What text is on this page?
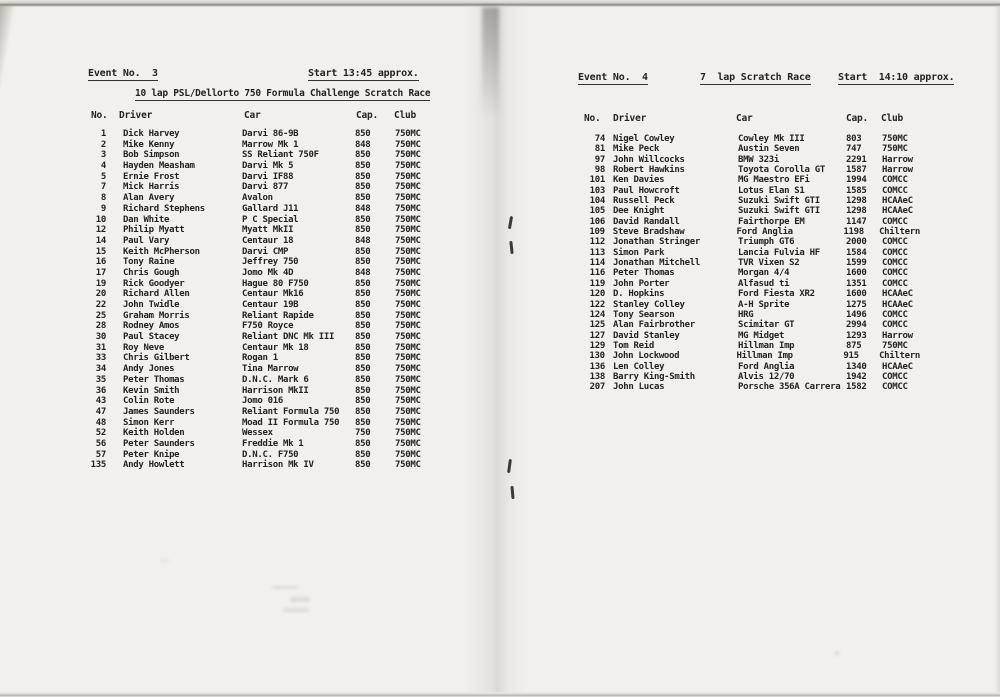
Event No.  3	Start 13:45 approx.
10 lap PSL/Dellorto 750 Formula Challenge Scratch Race
No. Driver	Car	Cap. Club
1 Dick Harvey	Darvi 86-9B	850	750MC
2 Mike Kenny	Marrow Mk 1	848	750MC
3 Bob Simpson	SS Reliant 750F	850	750MC
4 Hayden Measham	Darvi Mk 5	850	750MC
5 Ernie Frost	Darvi IF88	850	750MC
7 Mick Harris	Darvi 877	850	750MC
8 Alan Avery	Avalon	850	750MC
9 Richard Stephens	Gallard J11	848	750MC
10 Dan White	P C Special	850	750MC
12 Philip Myatt	Myatt MkII	850	750MC
14 Paul Vary	Centaur 18	848	750MC
15 Keith McPherson	Darvi CMP	850	750MC
16 Tony Raine	Jeffrey 750	850	750MC
17 Chris Gough	Jomo Mk 4D	848	750MC
19 Rick Goodyer	Hague 80 F750	850	750MC
20 Richard Allen	Centaur Mk16	850	750MC
22 John Twidle	Centaur 19B	850	750MC
25 Graham Morris	Reliant Rapide	850	750MC
28 Rodney Amos	F750 Royce	850	750MC
30 Paul Stacey	Reliant DNC Mk III	850	750MC
31 Roy Neve	Centaur Mk 18	850	750MC
33 Chris Gilbert	Rogan 1	850	750MC
34 Andy Jones	Tina Marrow	850	750MC
35 Peter Thomas	D.N.C. Mark 6	850	750MC
36 Kevin Smith	Harrison MkII	850	750MC
43 Colin Rote	Jomo 016	850	750MC
47 James Saunders	Reliant Formula 750	850	750MC
48 Simon Kerr	Moad II Formula 750	850	750MC
52 Keith Holden	Wessex	750	750MC
56 Peter Saunders	Freddie Mk 1	850	750MC
57 Peter Knipe	D.N.C. F750	850	750MC
135 Andy Howlett	Harrison Mk IV	850	750MC
Event No.  4	7  lap Scratch Race	Start  14:10 approx.
No. Driver	Car	Cap. Club
74 Nigel Cowley	Cowley Mk III	803	750MC
81 Mike Peck	Austin Seven	747	750MC
97 John Willcocks	BMW 323i	2291	Harrow
98 Robert Hawkins	Toyota Corolla GT	1587	Harrow
101 Ken Davies	MG Maestro EFi	1994	COMCC
103 Paul Howcroft	Lotus Elan S1	1585	COMCC
104 Russell Peck	Suzuki Swift GTI	1298	HCAAeC
105 Dee Knight	Suzuki Swift GTI	1298	HCAAeC
106 David Randall	Fairthorpe EM	1147	COMCC
109 Steve Bradshaw	Ford Anglia	1198	Chiltern
112 Jonathan Stringer	Triumph GT6	2000	COMCC
113 Simon Park	Lancia Fulvia HF	1584	COMCC
114 Jonathan Mitchell	TVR Vixen S2	1599	COMCC
116 Peter Thomas	Morgan 4/4	1600	COMCC
119 John Porter	Alfasud ti	1351	COMCC
120 D. Hopkins	Ford Fiesta XR2	1600	HCAAeC
122 Stanley Colley	A-H Sprite	1275	HCAAeC
124 Tony Searson	HRG	1496	COMCC
125 Alan Fairbrother	Scimitar GT	2994	COMCC
127 David Stanley	MG Midget	1293	Harrow
129 Tom Reid	Hillman Imp	875	750MC
130 John Lockwood	Hillman Imp	915	Chiltern
136 Len Colley	Ford Anglia	1340	HCAAeC
138 Barry King-Smith	Alvis 12/70	1942	COMCC
207 John Lucas	Porsche 356A Carrera 1582	COMCC
